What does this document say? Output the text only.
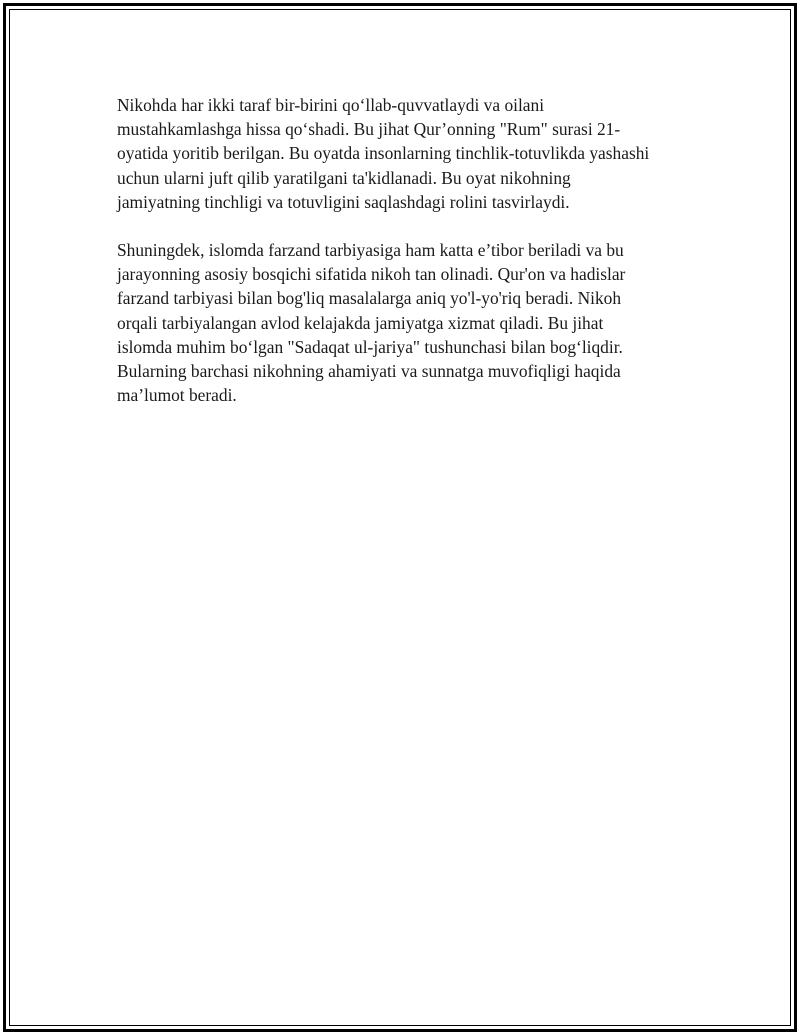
Nikohda har ikki taraf bir-birini qo‘llab-quvvatlaydi va oilani
mustahkamlashga hissa qo‘shadi. Bu jihat Qur’onning "Rum" surasi 21-
oyatida yoritib berilgan. Bu oyatda insonlarning tinchlik-totuvlikda yashashi
uchun ularni juft qilib yaratilgani ta'kidlanadi. Bu oyat nikohning
jamiyatning tinchligi va totuvligini saqlashdagi rolini tasvirlaydi.

Shuningdek, islomda farzand tarbiyasiga ham katta e’tibor beriladi va bu
jarayonning asosiy bosqichi sifatida nikoh tan olinadi. Qur'on va hadislar
farzand tarbiyasi bilan bog'liq masalalarga aniq yo'l-yo'riq beradi. Nikoh
orqali tarbiyalangan avlod kelajakda jamiyatga xizmat qiladi. Bu jihat
islomda muhim bo‘lgan "Sadaqat ul-jariya" tushunchasi bilan bog‘liqdir.
Bularning barchasi nikohning ahamiyati va sunnatga muvofiqligi haqida
ma’lumot beradi.
